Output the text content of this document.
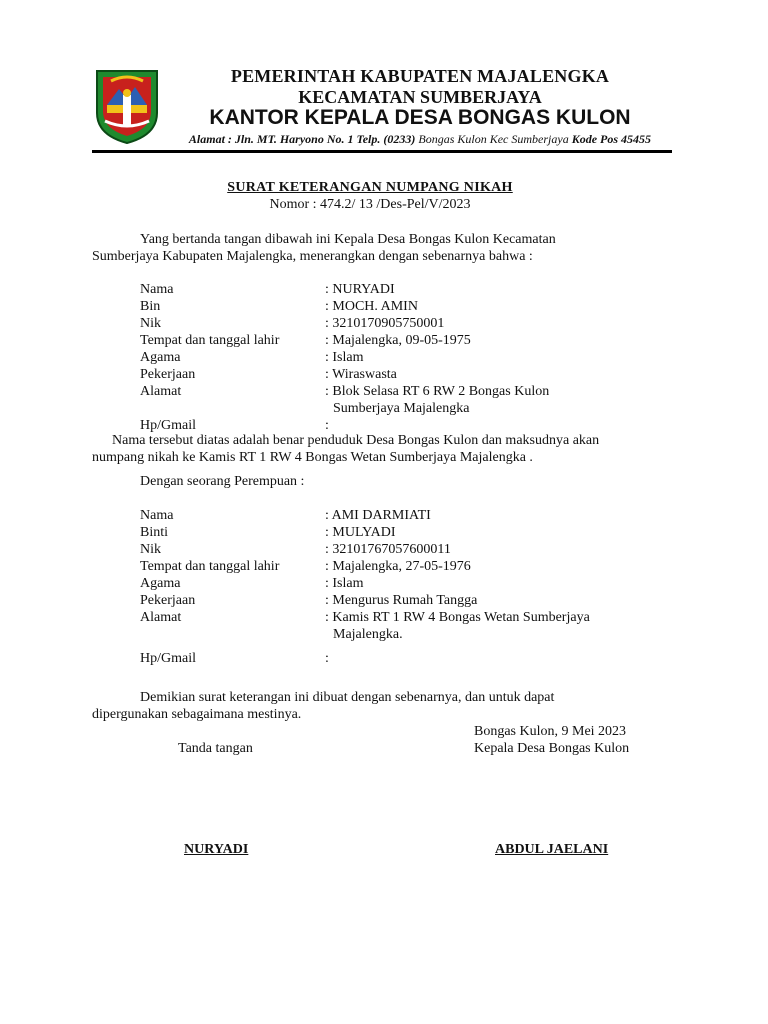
PEMERINTAH KABUPATEN MAJALENGKA
KECAMATAN SUMBERJAYA
KANTOR KEPALA DESA BONGAS KULON
Alamat : Jln. MT. Haryono No. 1 Telp. (0233) Bongas Kulon Kec Sumberjaya Kode Pos 45455
SURAT KETERANGAN NUMPANG NIKAH
Nomor : 474.2/ 13 /Des-Pel/V/2023
Yang bertanda tangan dibawah ini Kepala Desa Bongas Kulon Kecamatan
Sumberjaya Kabupaten Majalengka, menerangkan dengan sebenarnya bahwa :
Nama	: NURYADI
Bin	: MOCH. AMIN
Nik	: 3210170905750001
Tempat dan tanggal lahir	: Majalengka, 09-05-1975
Agama	: Islam
Pekerjaan	: Wiraswasta
Alamat	: Blok Selasa RT 6 RW 2 Bongas Kulon
Sumberjaya Majalengka
Hp/Gmail	:
Nama tersebut diatas adalah benar penduduk Desa Bongas Kulon dan maksudnya akan
numpang nikah ke Kamis RT 1 RW 4 Bongas Wetan Sumberjaya Majalengka .
Dengan seorang Perempuan :
Nama	: AMI DARMIATI
Binti	: MULYADI
Nik	: 32101767057600011
Tempat dan tanggal lahir	: Majalengka, 27-05-1976
Agama	: Islam
Pekerjaan	: Mengurus Rumah Tangga
Alamat	: Kamis RT 1 RW 4 Bongas Wetan Sumberjaya
Majalengka.
Hp/Gmail	:
Demikian surat keterangan ini dibuat dengan sebenarnya, dan untuk dapat
dipergunakan sebagaimana mestinya.
Bongas Kulon, 9 Mei 2023
Tanda tangan	Kepala Desa Bongas Kulon
NURYADI	ABDUL JAELANI
